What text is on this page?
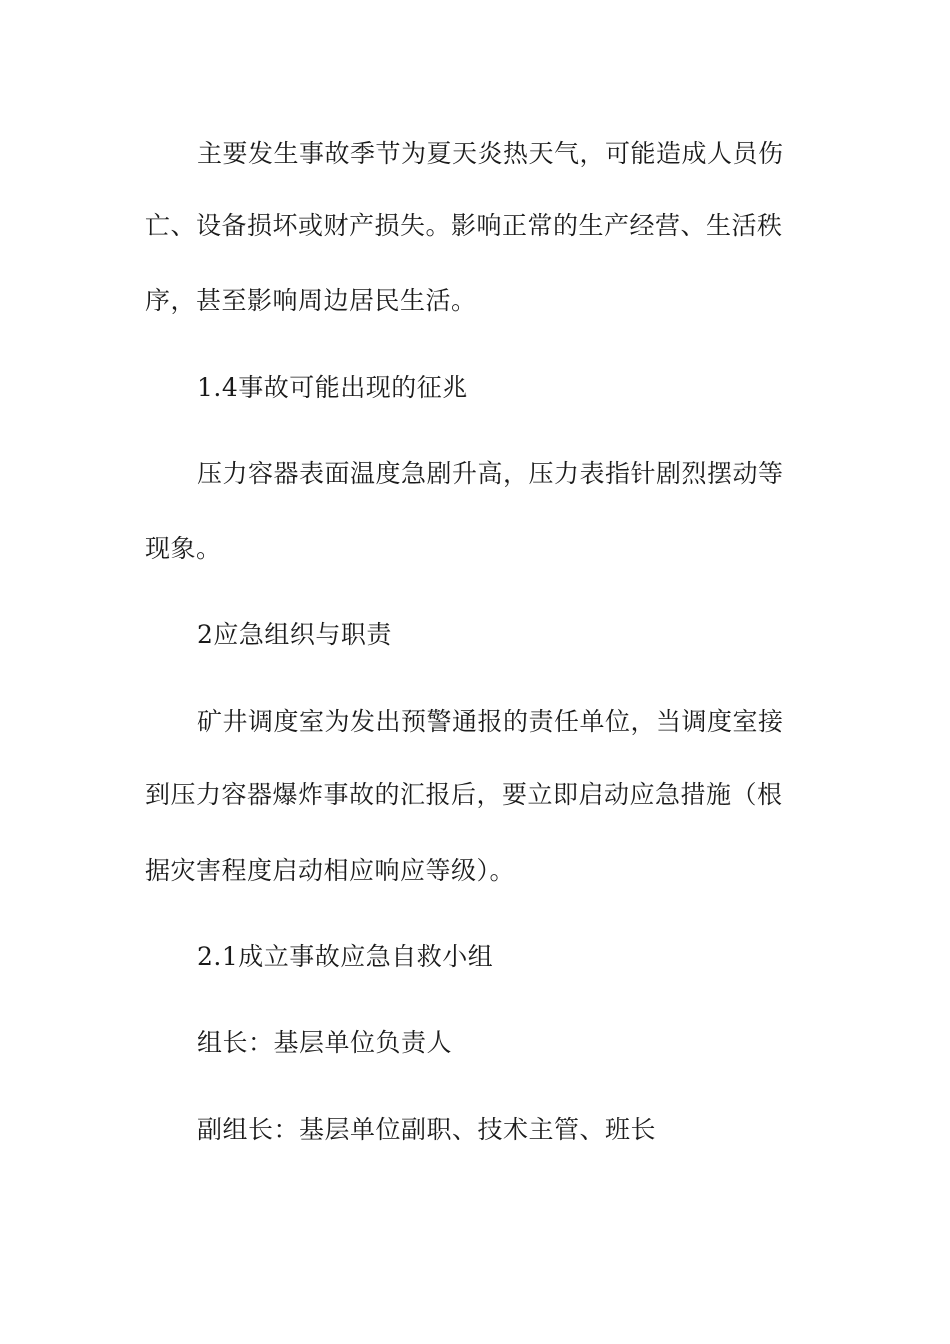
主要发生事故季节为夏天炎热天气，可能造成人员伤
亡、设备损坏或财产损失。影响正常的生产经营、生活秩
序，甚至影响周边居民生活。
1.4事故可能出现的征兆
压力容器表面温度急剧升高，压力表指针剧烈摆动等
现象。
2应急组织与职责
矿井调度室为发出预警通报的责任单位，当调度室接
到压力容器爆炸事故的汇报后，要立即启动应急措施（根
据灾害程度启动相应响应等级）。
2.1成立事故应急自救小组
组长：基层单位负责人
副组长：基层单位副职、技术主管、班长
